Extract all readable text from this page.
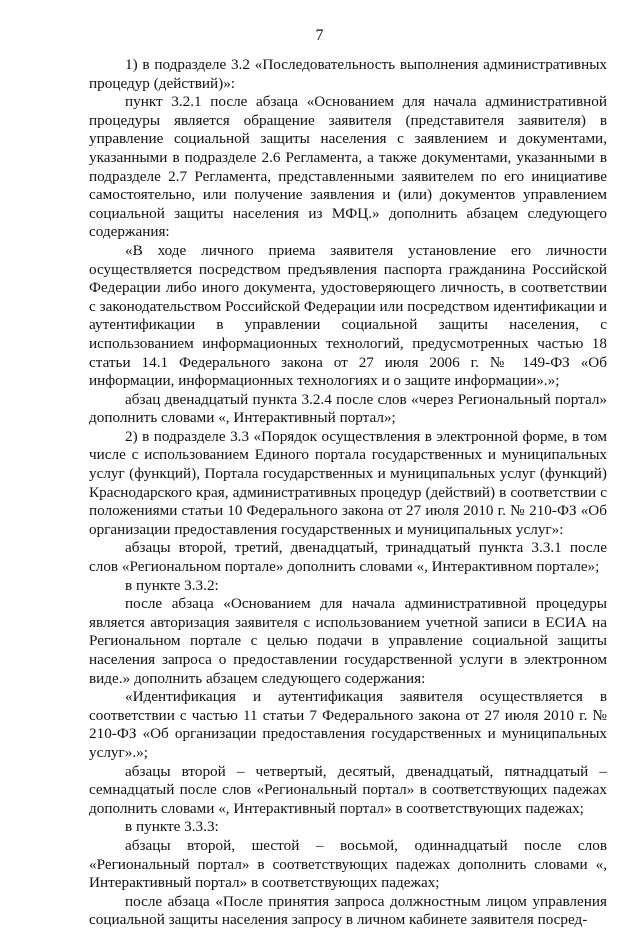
7

1) в подразделе 3.2 «Последовательность выполнения административных процедур (действий)»:

пункт 3.2.1 после абзаца «Основанием для начала административной процедуры является обращение заявителя (представителя заявителя) в управление социальной защиты населения с заявлением и документами, указанными в подразделе 2.6 Регламента, а также документами, указанными в подразделе 2.7 Регламента, представленными заявителем по его инициативе самостоятельно, или получение заявления и (или) документов управлением социальной защиты населения из МФЦ.» дополнить абзацем следующего содержания:

«В ходе личного приема заявителя установление его личности осуществляется посредством предъявления паспорта гражданина Российской Федерации либо иного документа, удостоверяющего личность, в соответствии с законодательством Российской Федерации или посредством идентификации и аутентификации в управлении социальной защиты населения, с использованием информационных технологий, предусмотренных частью 18 статьи 14.1 Федерального закона от 27 июля 2006 г. № 149-ФЗ «Об информации, информационных технологиях и о защите информации».»;

абзац двенадцатый пункта 3.2.4 после слов «через Региональный портал» дополнить словами «, Интерактивный портал»;

2) в подразделе 3.3 «Порядок осуществления в электронной форме, в том числе с использованием Единого портала государственных и муниципальных услуг (функций), Портала государственных и муниципальных услуг (функций) Краснодарского края, административных процедур (действий) в соответствии с положениями статьи 10 Федерального закона от 27 июля 2010 г. № 210-ФЗ «Об организации предоставления государственных и муниципальных услуг»:

абзацы второй, третий, двенадцатый, тринадцатый пункта 3.3.1 после слов «Региональном портале» дополнить словами «, Интерактивном портале»;

в пункте 3.3.2:

после абзаца «Основанием для начала административной процедуры является авторизация заявителя с использованием учетной записи в ЕСИА на Региональном портале с целью подачи в управление социальной защиты населения запроса о предоставлении государственной услуги в электронном виде.» дополнить абзацем следующего содержания:

«Идентификация и аутентификация заявителя осуществляется в соответствии с частью 11 статьи 7 Федерального закона от 27 июля 2010 г. № 210-ФЗ «Об организации предоставления государственных и муниципальных услуг».»;

абзацы второй – четвертый, десятый, двенадцатый, пятнадцатый – семнадцатый после слов «Региональный портал» в соответствующих падежах дополнить словами «, Интерактивный портал» в соответствующих падежах;

в пункте 3.3.3:

абзацы второй, шестой – восьмой, одиннадцатый после слов «Региональный портал» в соответствующих падежах дополнить словами «, Интерактивный портал» в соответствующих падежах;

после абзаца «После принятия запроса должностным лицом управления социальной защиты населения запросу в личном кабинете заявителя посред-
